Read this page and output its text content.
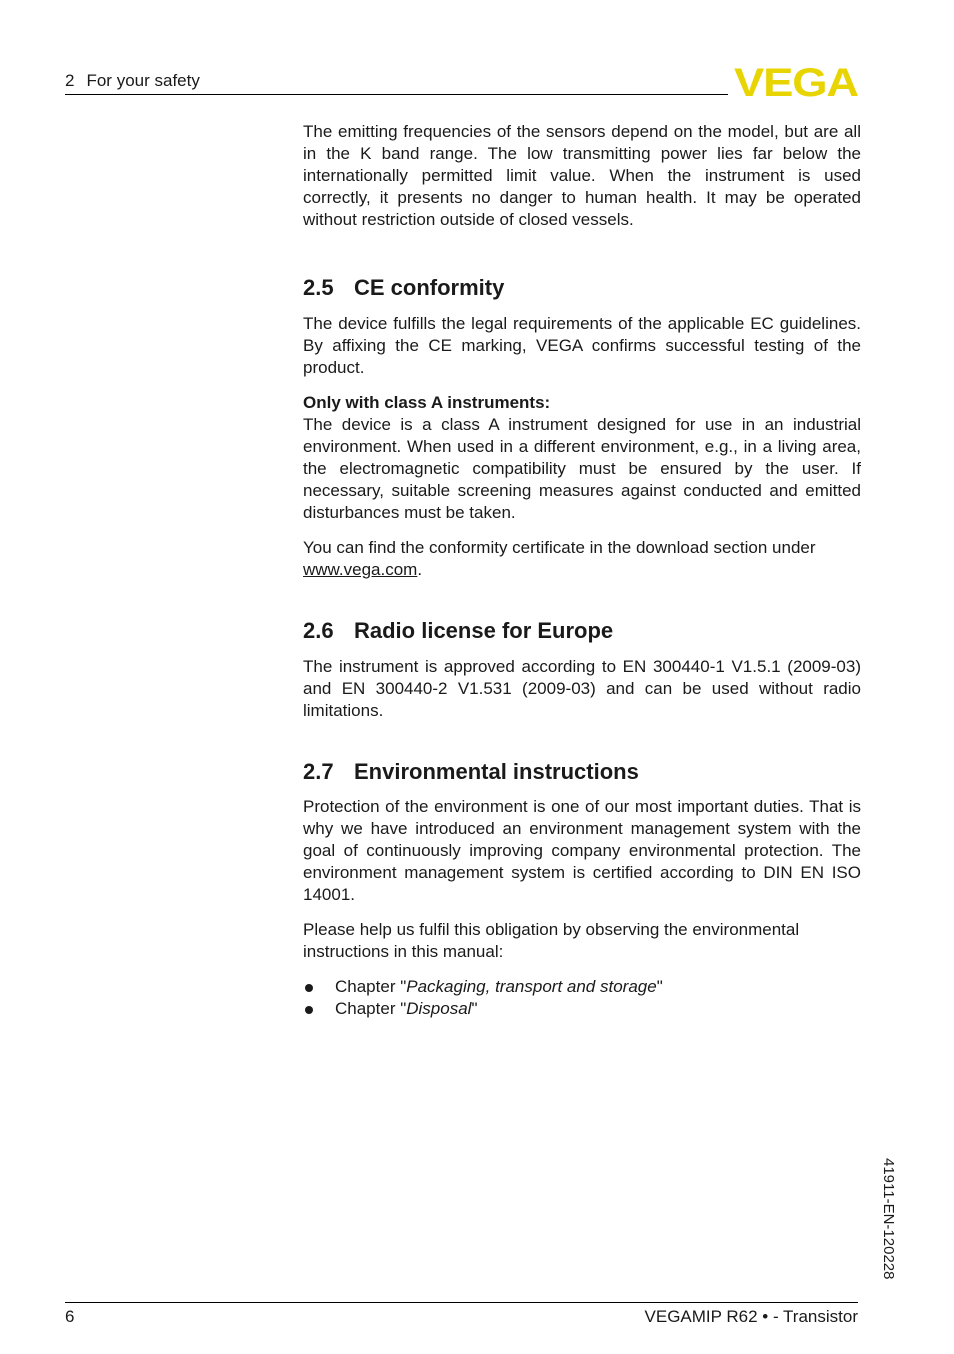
2 For your safety	VEGA

The emitting frequencies of the sensors depend on the model, but are all in the K band range. The low transmitting power lies far below the internationally permitted limit value. When the instrument is used correctly, it presents no danger to human health. It may be operated without restriction outside of closed vessels.

2.5 CE conformity

The device fulfills the legal requirements of the applicable EC guidelines. By affixing the CE marking, VEGA confirms successful testing of the product.

Only with class A instruments:

The device is a class A instrument designed for use in an industrial environment. When used in a different environment, e.g., in a living area, the electromagnetic compatibility must be ensured by the user. If necessary, suitable screening measures against conducted and emitted disturbances must be taken.

You can find the conformity certificate in the download section under www.vega.com.

2.6 Radio license for Europe

The instrument is approved according to EN 300440-1 V1.5.1 (2009-03) and EN 300440-2 V1.531 (2009-03) and can be used without radio limitations.

2.7 Environmental instructions

Protection of the environment is one of our most important duties. That is why we have introduced an environment management system with the goal of continuously improving company environmental protection. The environment management system is certified according to DIN EN ISO 14001.

Please help us fulfil this obligation by observing the environmental instructions in this manual:

Chapter "Packaging, transport and storage"
Chapter "Disposal"
41911-EN-120228
6	VEGAMIP R62 • - Transistor
